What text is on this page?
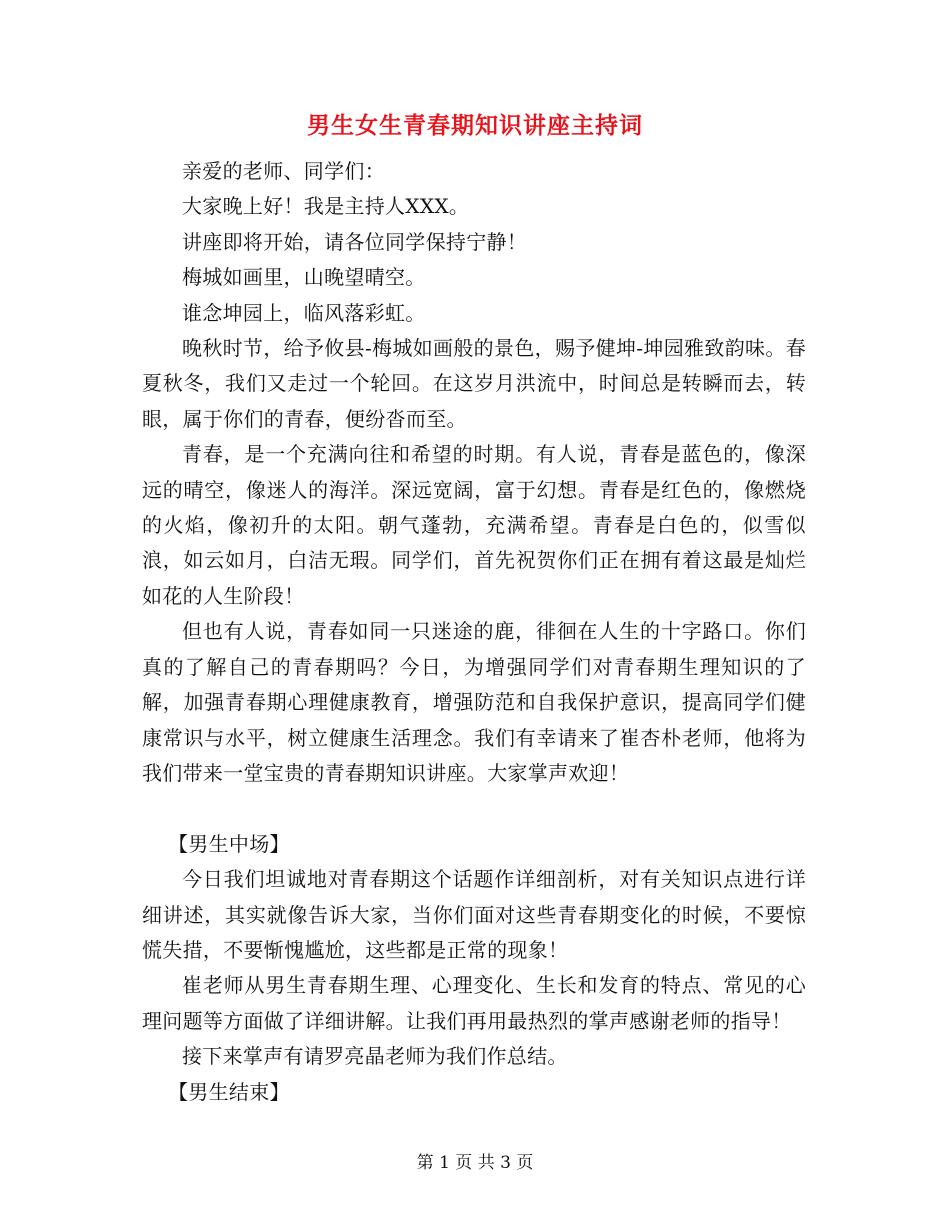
男生女生青春期知识讲座主持词

亲爱的老师、同学们：

大家晚上好！我是主持人XXX。

讲座即将开始，请各位同学保持宁静！

梅城如画里，山晚望晴空。

谁念坤园上，临风落彩虹。

晚秋时节，给予攸县-梅城如画般的景色，赐予健坤-坤园雅致韵味。春夏秋冬，我们又走过一个轮回。在这岁月洪流中，时间总是转瞬而去，转眼，属于你们的青春，便纷沓而至。

青春，是一个充满向往和希望的时期。有人说，青春是蓝色的，像深远的晴空，像迷人的海洋。深远宽阔，富于幻想。青春是红色的，像燃烧的火焰，像初升的太阳。朝气蓬勃，充满希望。青春是白色的，似雪似浪，如云如月，白洁无瑕。同学们，首先祝贺你们正在拥有着这最是灿烂如花的人生阶段！

但也有人说，青春如同一只迷途的鹿，徘徊在人生的十字路口。你们真的了解自己的青春期吗？今日，为增强同学们对青春期生理知识的了解，加强青春期心理健康教育，增强防范和自我保护意识，提高同学们健康常识与水平，树立健康生活理念。我们有幸请来了崔杏朴老师，他将为我们带来一堂宝贵的青春期知识讲座。大家掌声欢迎！

【男生中场】

今日我们坦诚地对青春期这个话题作详细剖析，对有关知识点进行详细讲述，其实就像告诉大家，当你们面对这些青春期变化的时候，不要惊慌失措，不要惭愧尴尬，这些都是正常的现象！

崔老师从男生青春期生理、心理变化、生长和发育的特点、常见的心理问题等方面做了详细讲解。让我们再用最热烈的掌声感谢老师的指导！

接下来掌声有请罗亮晶老师为我们作总结。

【男生结束】

第 1 页 共 3 页
